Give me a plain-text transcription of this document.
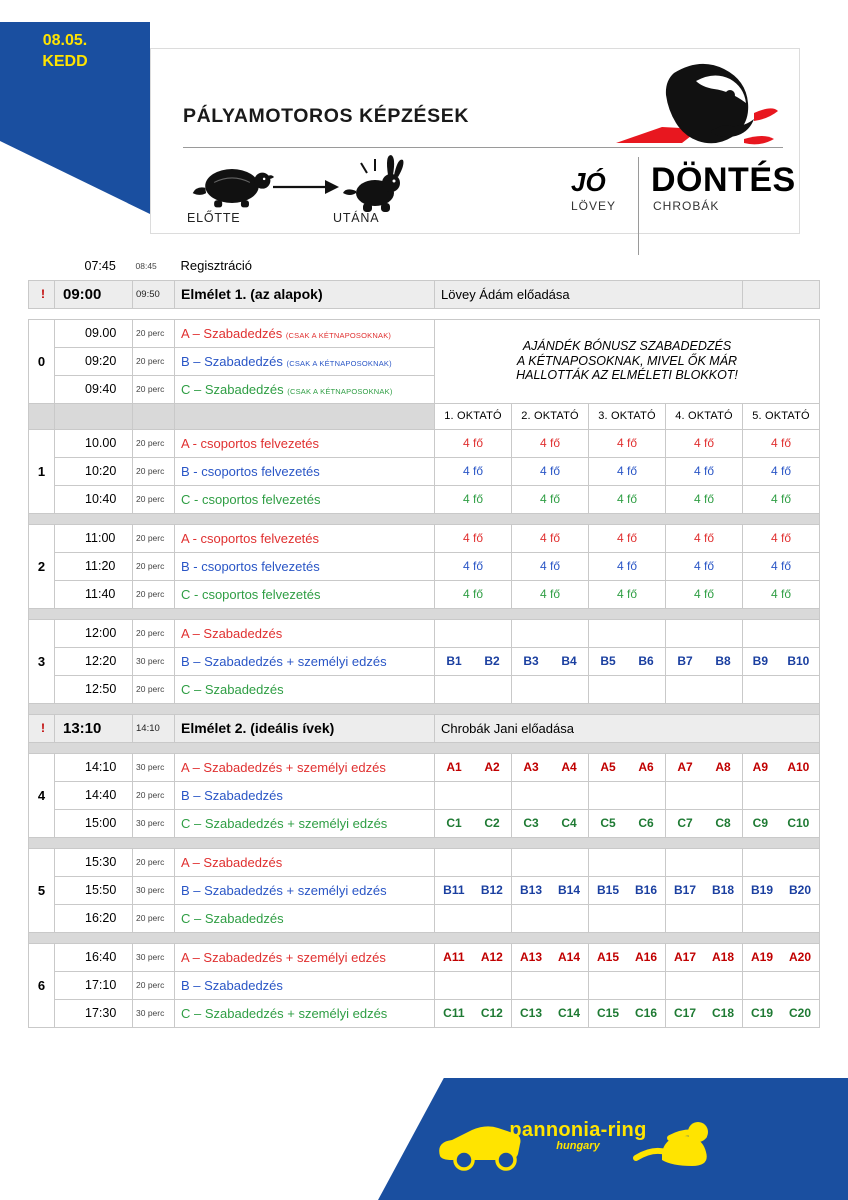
08.05.
KEDD
PÁLYAMOTOROS KÉPZÉSEK
ELŐTTE	UTÁNA
JÓ
LÖVEY
DÖNTÉS
CHROBÁK

	07:45	08:45	Regisztráció					

!	09:00	09:50	Elmélet 1. (az alapok)	Lövey Ádám előadása				

0	09.00	20 perc	A – Szabadedzés (CSAK A KÉTNAPOSOKNAK)	AJÁNDÉK BÓNUSZ SZABADEDZÉS
A KÉTNAPOSOKNAK, MIVEL ŐK MÁR
HALLOTTÁK AZ ELMÉLETI BLOKKOT!				

	09:20	20 perc	B – Szabadedzés (CSAK A KÉTNAPOSOKNAK)					

	09:40	20 perc	C – Szabadedzés (CSAK A KÉTNAPOSOKNAK)					

				1. OKTATÓ	2. OKTATÓ	3. OKTATÓ	4. OKTATÓ	5. OKTATÓ

1	10.00	20 perc	A - csoportos felvezetés	4 fő	4 fő	4 fő	4 fő	4 fő

	10:20	20 perc	B - csoportos felvezetés	4 fő	4 fő	4 fő	4 fő	4 fő

	10:40	20 perc	C - csoportos felvezetés	4 fő	4 fő	4 fő	4 fő	4 fő

2	11:00	20 perc	A - csoportos felvezetés	4 fő	4 fő	4 fő	4 fő	4 fő

	11:20	20 perc	B - csoportos felvezetés	4 fő	4 fő	4 fő	4 fő	4 fő

	11:40	20 perc	C - csoportos felvezetés	4 fő	4 fő	4 fő	4 fő	4 fő

3	12:00	20 perc	A – Szabadedzés					

	12:20	30 perc	B – Szabadedzés + személyi edzés	B1 B2	B3 B4	B5 B6	B7 B8	B9 B10

	12:50	20 perc	C – Szabadedzés					

!	13:10	14:10	Elmélet 2. (ideális ívek)	Chrobák Jani előadása				

4	14:10	30 perc	A – Szabadedzés + személyi edzés	A1 A2	A3 A4	A5 A6	A7 A8	A9 A10

	14:40	20 perc	B – Szabadedzés					

	15:00	30 perc	C – Szabadedzés + személyi edzés	C1 C2	C3 C4	C5 C6	C7 C8	C9 C10

5	15:30	20 perc	A – Szabadedzés					

	15:50	30 perc	B – Szabadedzés + személyi edzés	B11 B12	B13 B14	B15 B16	B17 B18	B19 B20

	16:20	20 perc	C – Szabadedzés					

6	16:40	30 perc	A – Szabadedzés + személyi edzés	A11 A12	A13 A14	A15 A16	A17 A18	A19 A20

	17:10	20 perc	B – Szabadedzés					

	17:30	30 perc	C – Szabadedzés + személyi edzés	C11 C12	C13 C14	C15 C16	C17 C18	C19 C20
pannonia-ring
hungary
